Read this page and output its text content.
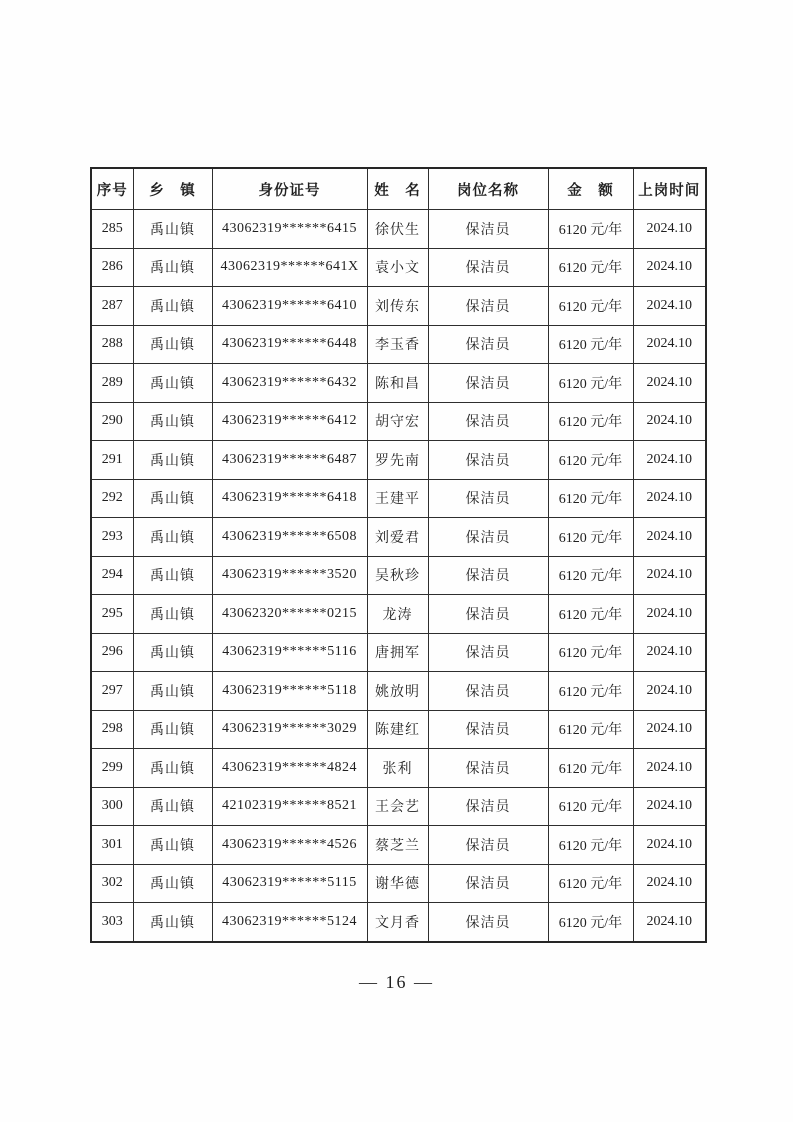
序号	乡　镇	身份证号	姓　名	岗位名称	金　额	上岗时间
285	禹山镇	43062319******6415	徐伏生	保洁员	6120 元/年	2024.10
286	禹山镇	43062319******641X	袁小文	保洁员	6120 元/年	2024.10
287	禹山镇	43062319******6410	刘传东	保洁员	6120 元/年	2024.10
288	禹山镇	43062319******6448	李玉香	保洁员	6120 元/年	2024.10
289	禹山镇	43062319******6432	陈和昌	保洁员	6120 元/年	2024.10
290	禹山镇	43062319******6412	胡守宏	保洁员	6120 元/年	2024.10
291	禹山镇	43062319******6487	罗先南	保洁员	6120 元/年	2024.10
292	禹山镇	43062319******6418	王建平	保洁员	6120 元/年	2024.10
293	禹山镇	43062319******6508	刘爱君	保洁员	6120 元/年	2024.10
294	禹山镇	43062319******3520	吴秋珍	保洁员	6120 元/年	2024.10
295	禹山镇	43062320******0215	龙涛	保洁员	6120 元/年	2024.10
296	禹山镇	43062319******5116	唐拥军	保洁员	6120 元/年	2024.10
297	禹山镇	43062319******5118	姚放明	保洁员	6120 元/年	2024.10
298	禹山镇	43062319******3029	陈建红	保洁员	6120 元/年	2024.10
299	禹山镇	43062319******4824	张利	保洁员	6120 元/年	2024.10
300	禹山镇	42102319******8521	王会艺	保洁员	6120 元/年	2024.10
301	禹山镇	43062319******4526	蔡芝兰	保洁员	6120 元/年	2024.10
302	禹山镇	43062319******5115	谢华德	保洁员	6120 元/年	2024.10
303	禹山镇	43062319******5124	文月香	保洁员	6120 元/年	2024.10
— 16 —
